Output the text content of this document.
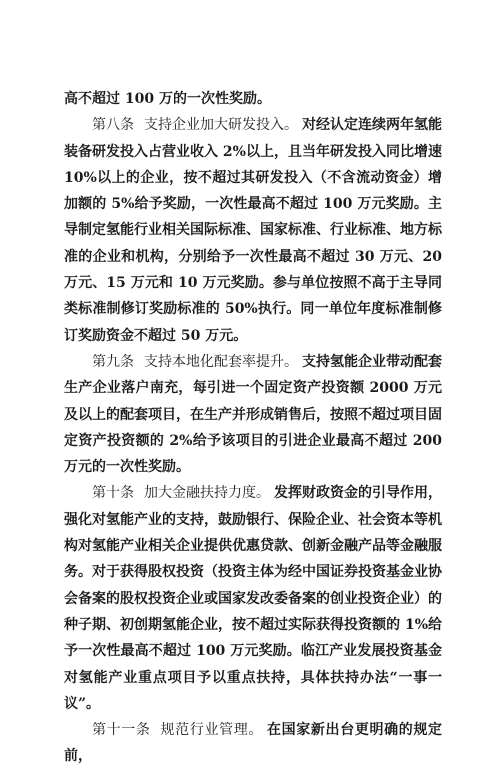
高不超过 100 万的一次性奖励。

第八条 支持企业加大研发投入。 对经认定连续两年氢能装备研发投入占营业收入 2%以上，且当年研发投入同比增速 10%以上的企业，按不超过其研发投入（不含流动资金）增加额的 5%给予奖励，一次性最高不超过 100 万元奖励。主导制定氢能行业相关国际标准、国家标准、行业标准、地方标准的企业和机构，分别给予一次性最高不超过 30 万元、20 万元、15 万元和 10 万元奖励。参与单位按照不高于主导同类标准制修订奖励标准的 50%执行。同一单位年度标准制修订奖励资金不超过 50 万元。

第九条 支持本地化配套率提升。 支持氢能企业带动配套生产企业落户南充，每引进一个固定资产投资额 2000 万元及以上的配套项目，在生产并形成销售后，按照不超过项目固定资产投资额的 2%给予该项目的引进企业最高不超过 200 万元的一次性奖励。

第十条 加大金融扶持力度。 发挥财政资金的引导作用，强化对氢能产业的支持，鼓励银行、保险企业、社会资本等机构对氢能产业相关企业提供优惠贷款、创新金融产品等金融服务。对于获得股权投资（投资主体为经中国证券投资基金业协会备案的股权投资企业或国家发改委备案的创业投资企业）的种子期、初创期氢能企业，按不超过实际获得投资额的 1%给予一次性最高不超过 100 万元奖励。临江产业发展投资基金对氢能产业重点项目予以重点扶持，具体扶持办法“一事一议”。

第十一条 规范行业管理。 在国家新出台更明确的规定前，
